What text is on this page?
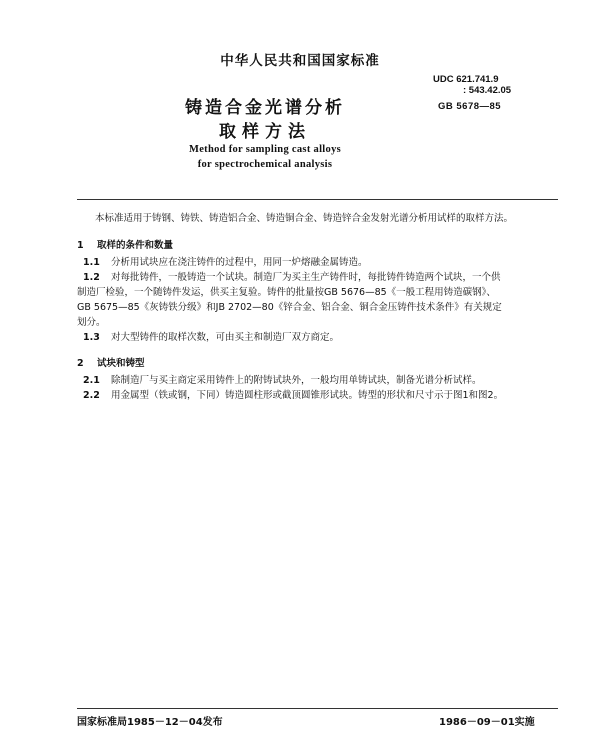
中华人民共和国国家标准
UDC 621.741.9
: 543.42.05
GB 5678—85
铸造合金光谱分析
取样方法
Method for sampling cast alloys
for spectrochemical analysis
本标准适用于铸钢、铸铁、铸造铝合金、铸造铜合金、铸造锌合金发射光谱分析用试样的取样方法。
1 取样的条件和数量
1.1 分析用试块应在浇注铸件的过程中，用同一炉熔融金属铸造。
1.2 对每批铸件，一般铸造一个试块。制造厂为买主生产铸件时，每批铸件铸造两个试块，一个供
制造厂检验，一个随铸件发运，供买主复验。铸件的批量按GB 5676—85《一般工程用铸造碳钢》、
GB 5675—85《灰铸铁分级》和JB 2702—80《锌合金、铝合金、铜合金压铸件技术条件》有关规定
划分。
1.3 对大型铸件的取样次数，可由买主和制造厂双方商定。
2 试块和铸型
2.1 除制造厂与买主商定采用铸件上的附铸试块外，一般均用单铸试块，制备光谱分析试样。
2.2 用金属型（铁或钢，下同）铸造圆柱形或截顶圆锥形试块。铸型的形状和尺寸示于图1和图2。
国家标准局1985－12－04发布	1986－09－01实施
